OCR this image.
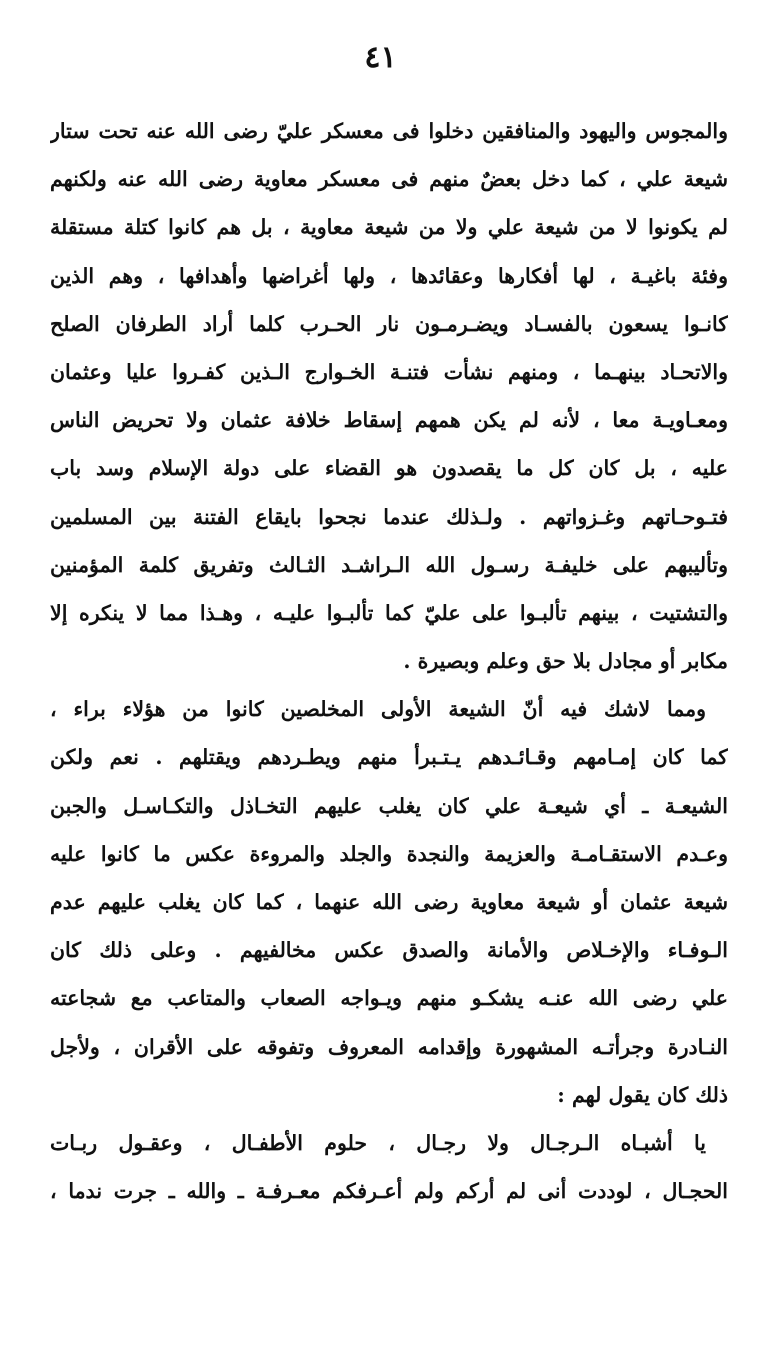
٤١
والمجوس واليهود والمنافقين دخلوا فى معسكر عليّ رضى الله عنه تحت ستار
شيعة علي ، كما دخل بعضٌ منهم فى معسكر معاوية رضى الله عنه ولكنهم
لم يكونوا لا من شيعة علي ولا من شيعة معاوية ، بل هم كانوا كتلة مستقلة
وفئة باغيـة ، لها أفكارها وعقائدها ، ولها أغراضها وأهدافها ، وهم الذين
كانـوا يسعون بالفسـاد ويضـرمـون نار الحـرب كلما أراد الطرفان الصلح
والاتحـاد بينهـما ، ومنهم نشأت فتنـة الخـوارج الـذين كفـروا عليا وعثمان
ومعـاويـة معا ، لأنه لم يكن همهم إسقاط خلافة عثمان ولا تحريض الناس
عليه ، بل كان كل ما يقصدون هو القضاء على دولة الإسلام وسد باب
فتـوحـاتهم وغـزواتهم . ولـذلك عندما نجحوا بايقاع الفتنة بين المسلمين
وتأليبهم على خليفـة رسـول الله الـراشـد الثـالث وتفريق كلمة المؤمنين
والتشتيت ، بينهم تألبـوا على عليّ كما تألبـوا عليـه ، وهـذا مما لا ينكره إلا
مكابر أو مجادل بلا حق وعلم وبصيرة .
ومما لاشك فيه أنّ الشيعة الأولى المخلصين كانوا من هؤلاء براء ،
كما كان إمـامهم وقـائـدهم يـتـبرأ منهم ويطـردهم ويقتلهم . نعم ولكن
الشيعـة ـ أي شيعـة علي كان يغلب عليهم التخـاذل والتكـاسـل والجبن
وعـدم الاستقـامـة والعزيمة والنجدة والجلد والمروءة عكس ما كانوا عليه
شيعة عثمان أو شيعة معاوية رضى الله عنهما ، كما كان يغلب عليهم عدم
الـوفـاء والإخـلاص والأمانة والصدق عكس مخالفيهم . وعلى ذلك كان
علي رضى الله عنـه يشكـو منهم ويـواجه الصعاب والمتاعب مع شجاعته
النـادرة وجرأتـه المشهورة وإقدامه المعروف وتفوقه على الأقران ، ولأجل
ذلك كان يقول لهم :
يا أشبـاه الـرجـال ولا رجـال ، حلوم الأطفـال ، وعقـول ربـات
الحجـال ، لوددت أنى لم أركم ولم أعـرفكم معـرفـة ـ والله ـ جرت ندما ،
